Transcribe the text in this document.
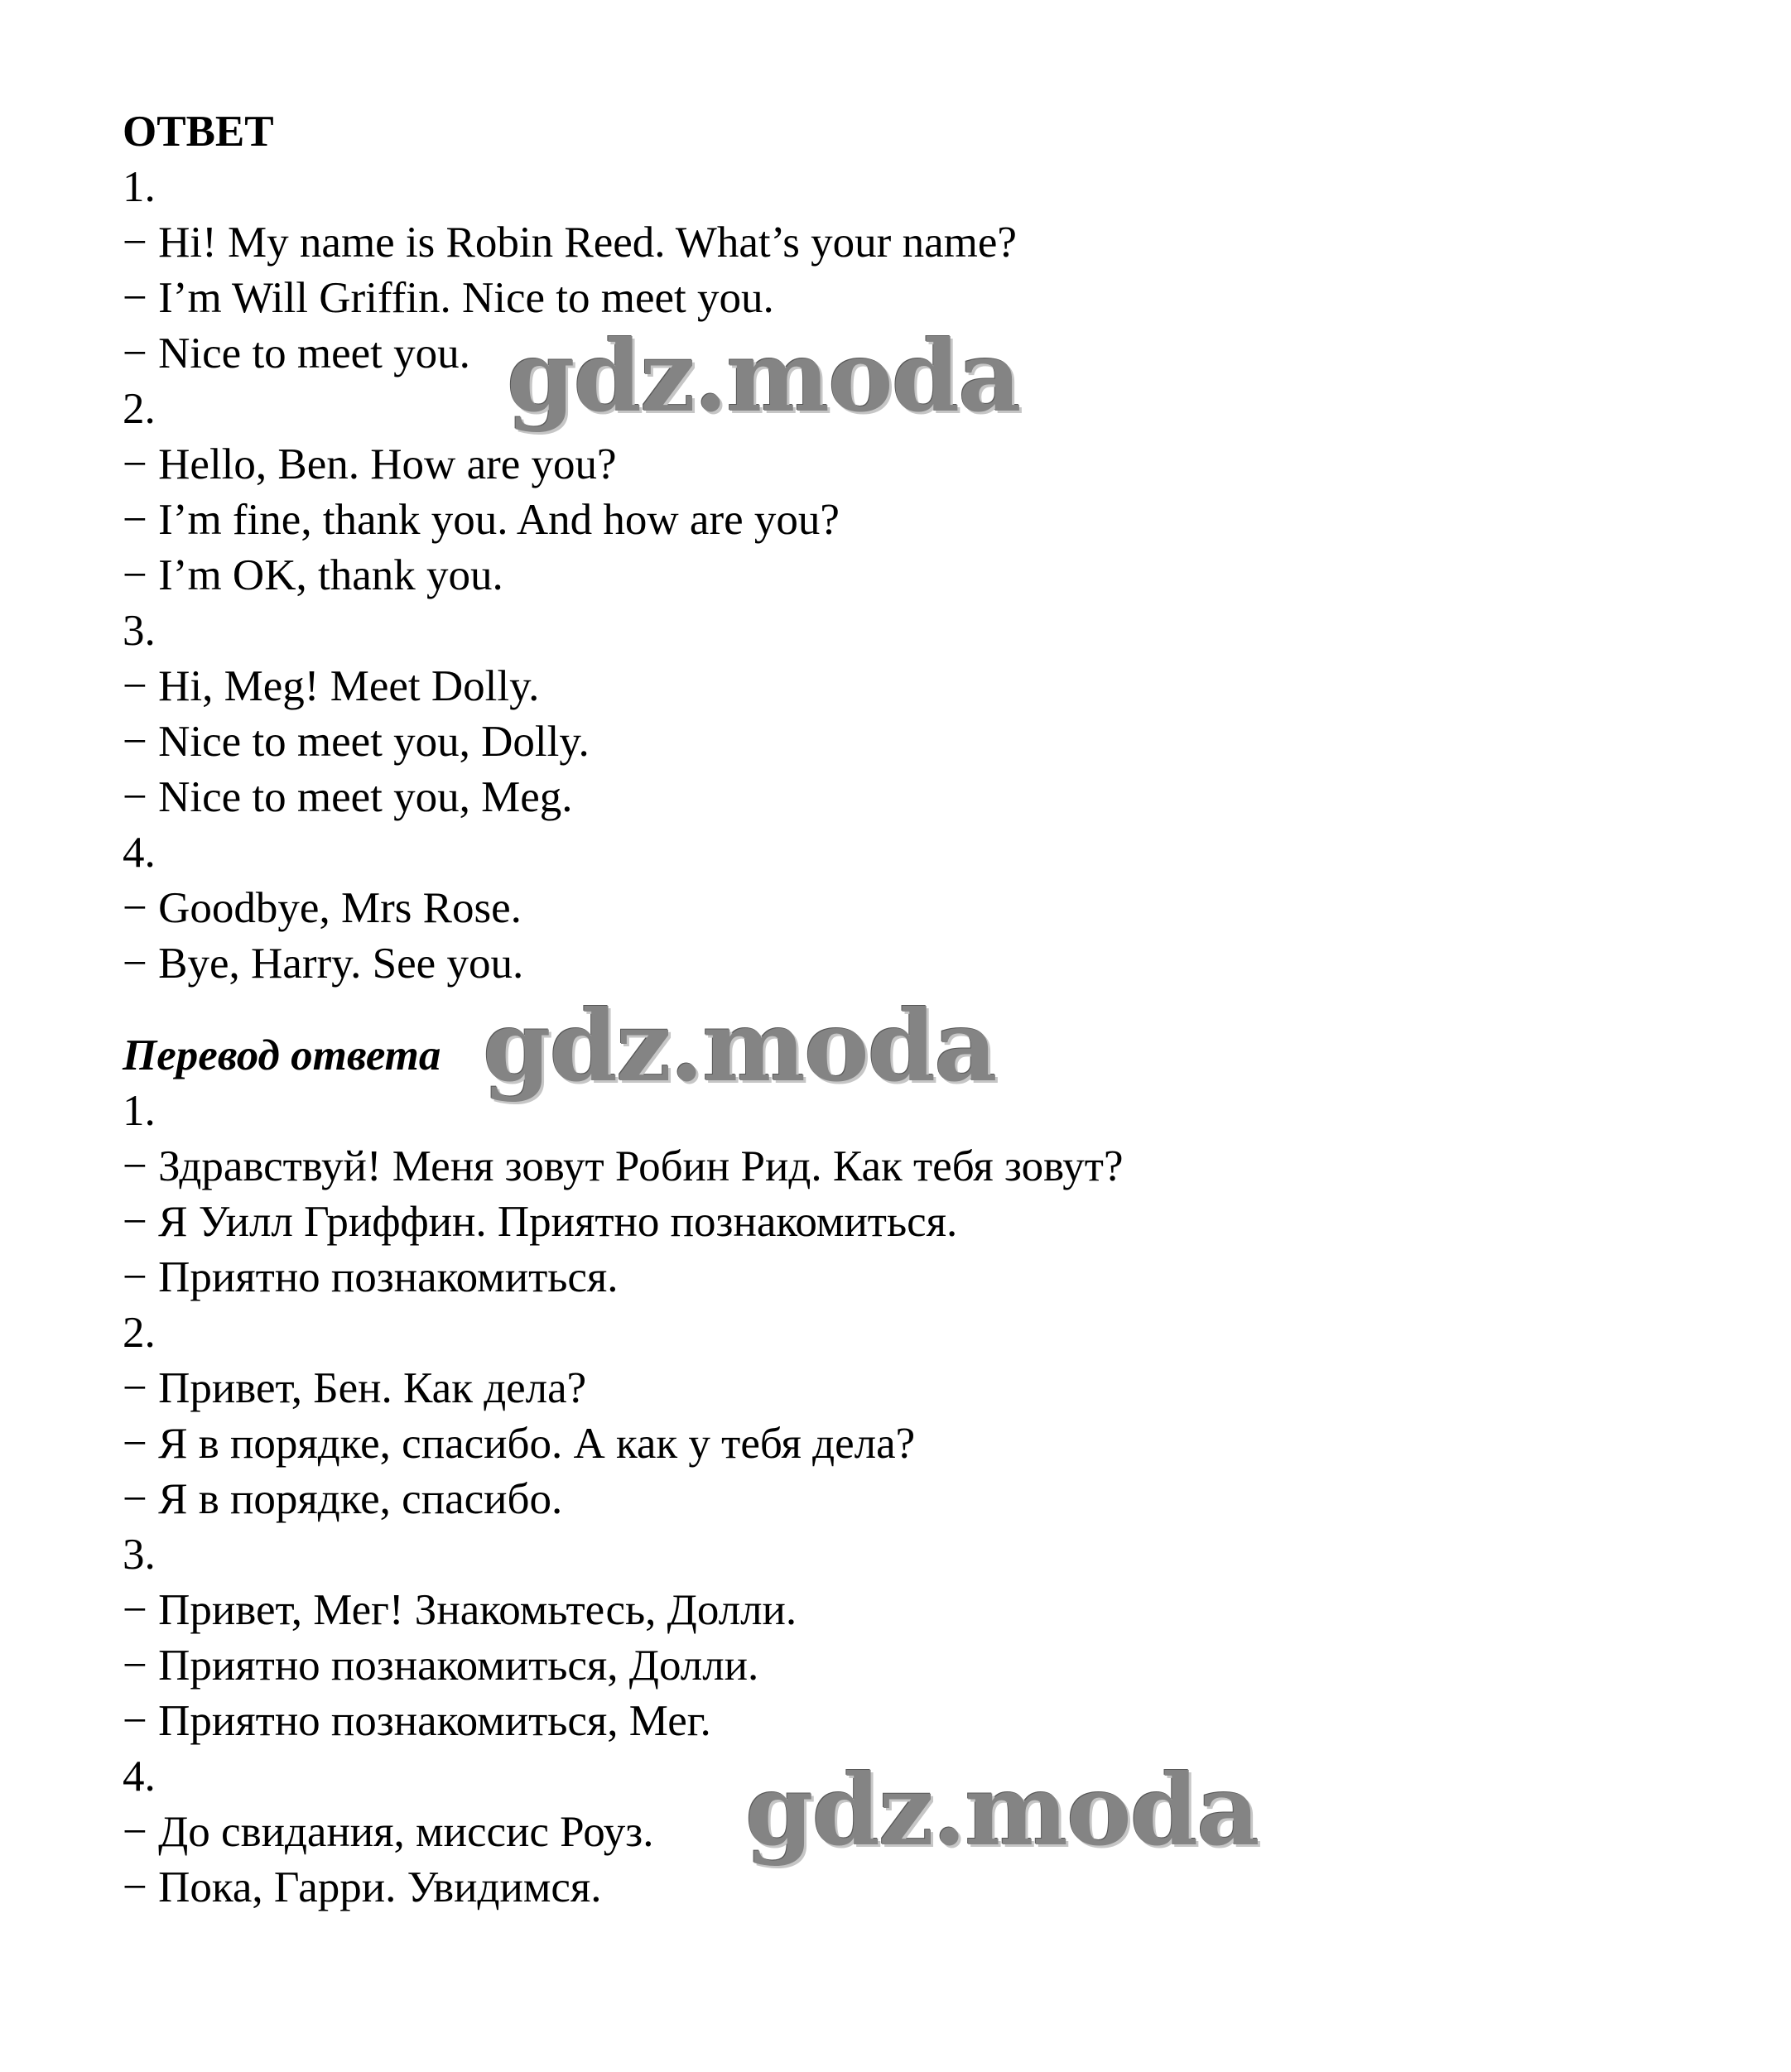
ОТВЕТ
1.
− Hi! My name is Robin Reed. What’s your name?
− I’m Will Griffin. Nice to meet you.
− Nice to meet you.
2.
− Hello, Ben. How are you?
− I’m fine, thank you. And how are you?
− I’m OK, thank you.
3.
− Hi, Meg! Meet Dolly.
− Nice to meet you, Dolly.
− Nice to meet you, Meg.
4.
− Goodbye, Mrs Rose.
− Bye, Harry. See you.
Перевод ответа
1.
− Здравствуй! Меня зовут Робин Рид. Как тебя зовут?
− Я Уилл Гриффин. Приятно познакомиться.
− Приятно познакомиться.
2.
− Привет, Бен. Как дела?
− Я в порядке, спасибо. А как у тебя дела?
− Я в порядке, спасибо.
3.
− Привет, Мег! Знакомьтесь, Долли.
− Приятно познакомиться, Долли.
− Приятно познакомиться, Мег.
4.
− До свидания, миссис Роуз.
− Пока, Гарри. Увидимся.
gdz.moda
gdz.moda
gdz.moda
